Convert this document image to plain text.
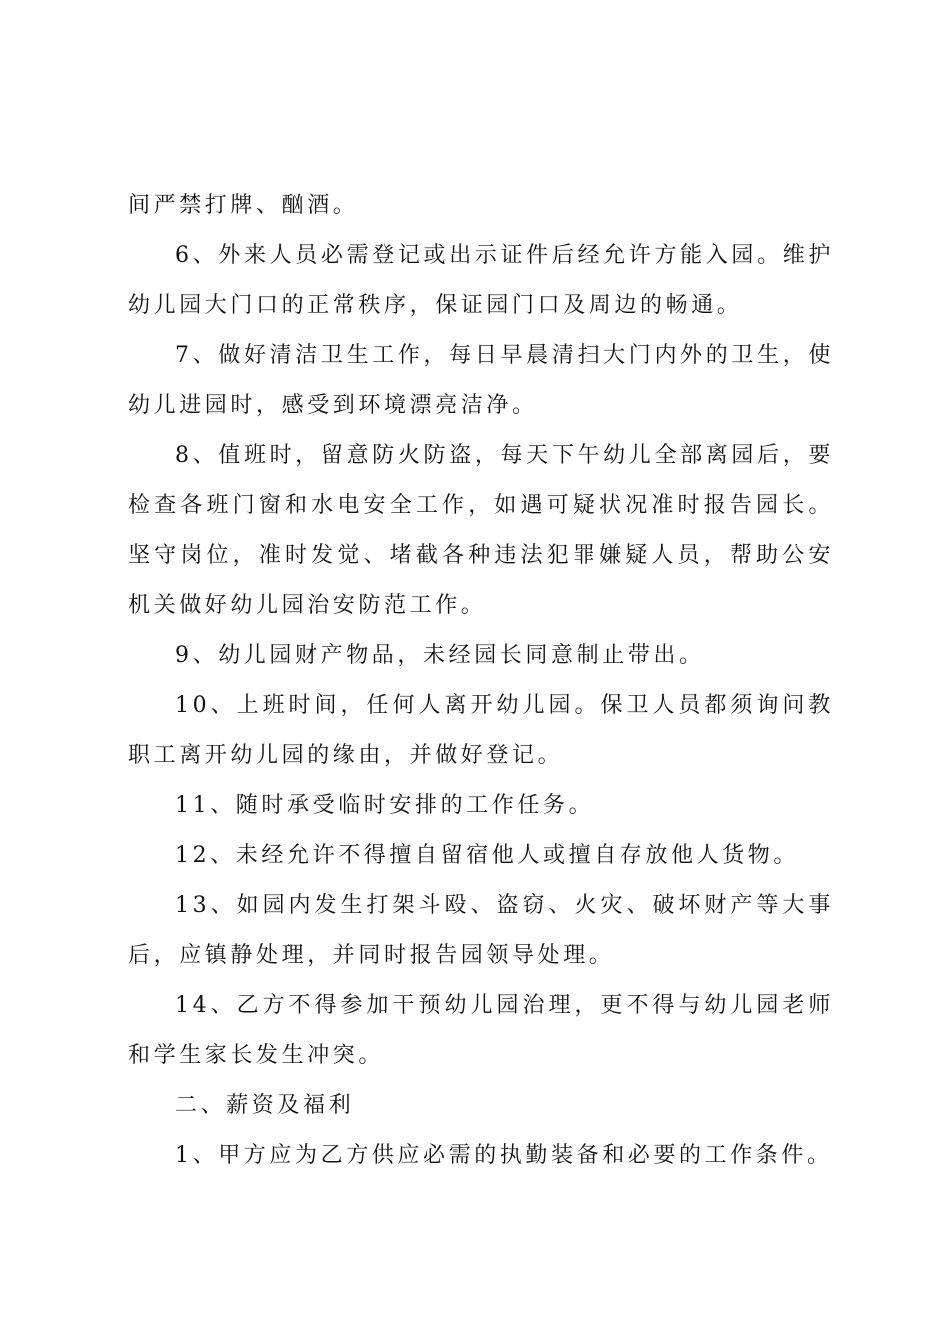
间严禁打牌、酗酒。

6、外来人员必需登记或出示证件后经允许方能入园。维护幼儿园大门口的正常秩序，保证园门口及周边的畅通。

7、做好清洁卫生工作，每日早晨清扫大门内外的卫生，使幼儿进园时，感受到环境漂亮洁净。

8、值班时，留意防火防盗，每天下午幼儿全部离园后，要检查各班门窗和水电安全工作，如遇可疑状况准时报告园长。坚守岗位，准时发觉、堵截各种违法犯罪嫌疑人员，帮助公安机关做好幼儿园治安防范工作。

9、幼儿园财产物品，未经园长同意制止带出。

10、上班时间，任何人离开幼儿园。保卫人员都须询问教职工离开幼儿园的缘由，并做好登记。

11、随时承受临时安排的工作任务。

12、未经允许不得擅自留宿他人或擅自存放他人货物。

13、如园内发生打架斗殴、盗窃、火灾、破坏财产等大事后，应镇静处理，并同时报告园领导处理。

14、乙方不得参加干预幼儿园治理，更不得与幼儿园老师和学生家长发生冲突。

二、薪资及福利

1、甲方应为乙方供应必需的执勤装备和必要的工作条件。
